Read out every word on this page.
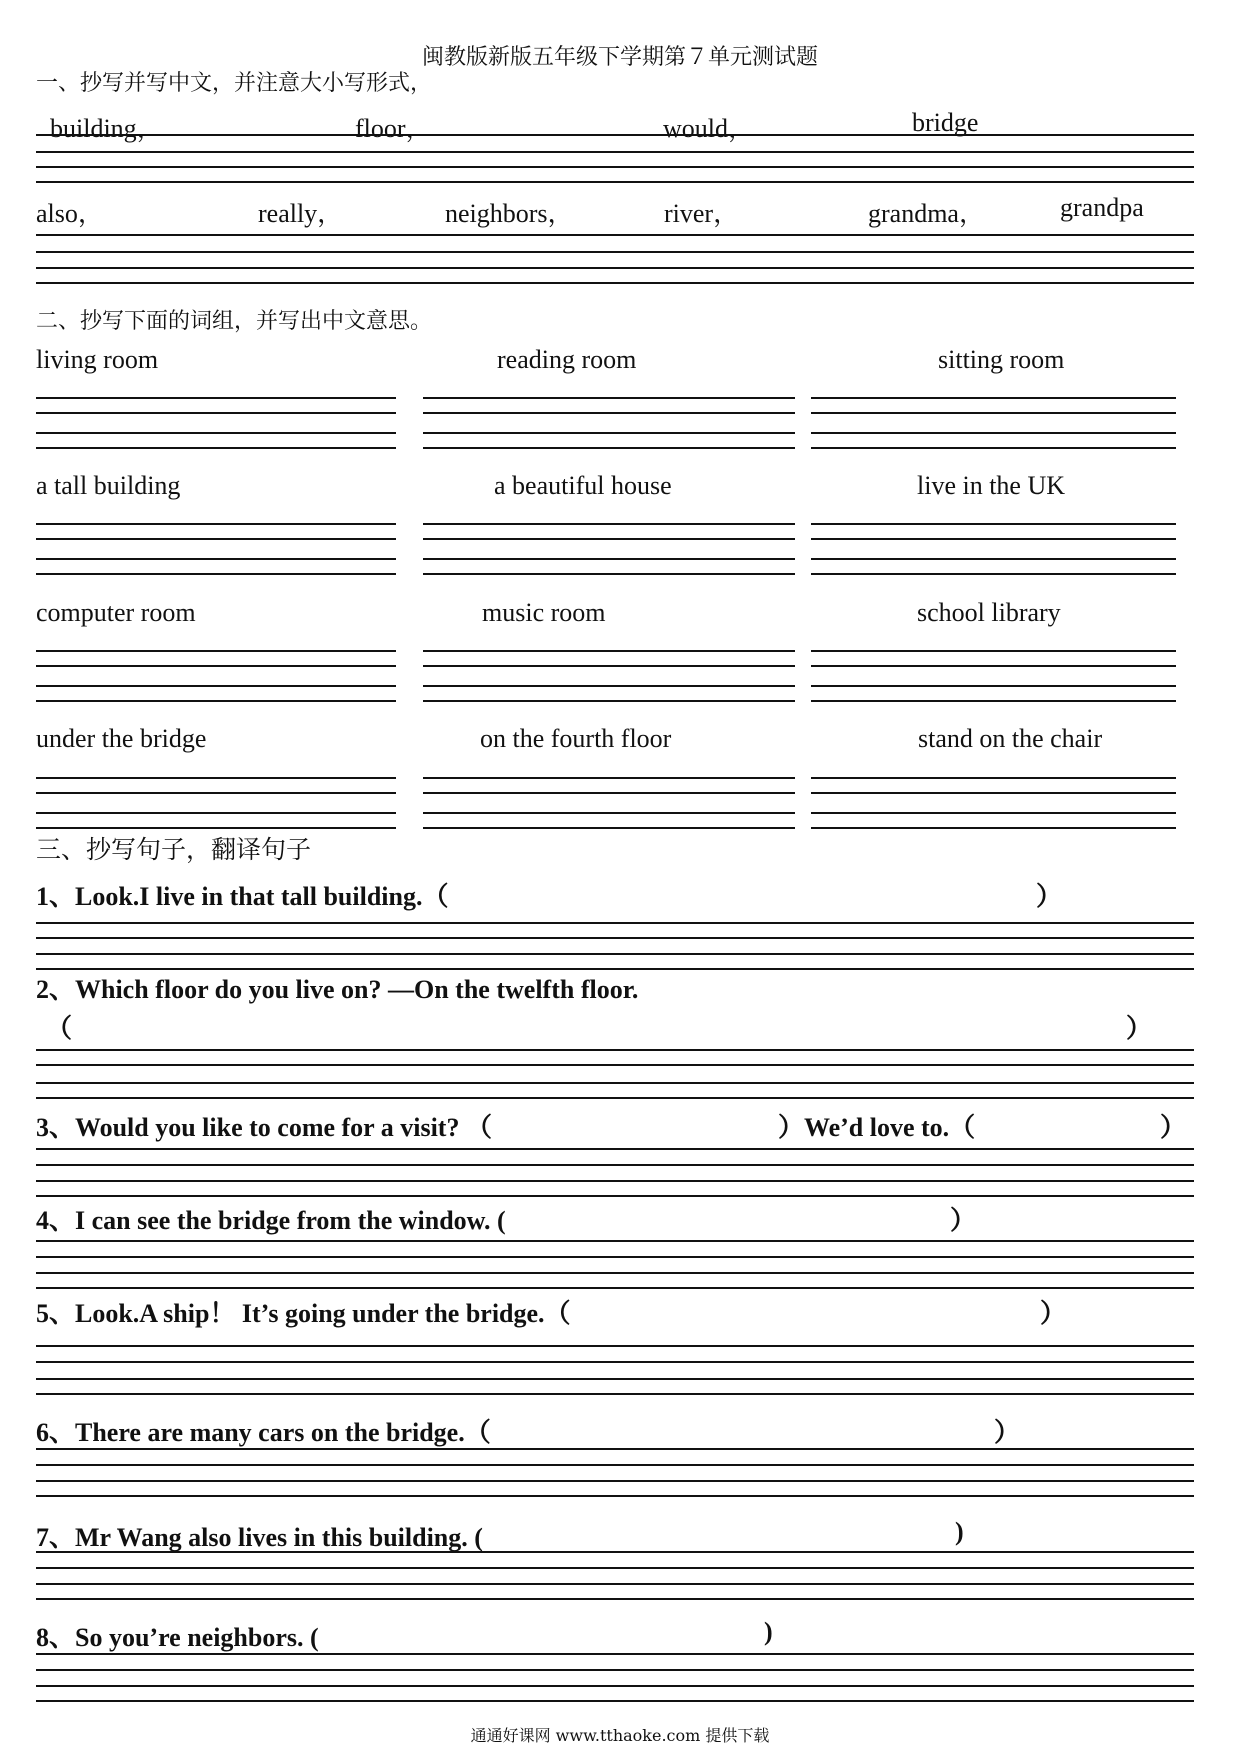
闽教版新版五年级下学期第７单元测试题
一、抄写并写中文，并注意大小写形式，
building，	floor，	would，	bridge
also，	really，	neighbors，	river，	grandma，	grandpa
二、抄写下面的词组，并写出中文意思。
living room	reading room	sitting room
a tall building	a beautiful house	live in the UK
computer room	music room	school library
under the bridge	on the fourth floor	stand on the chair
三、抄写句子，翻译句子
1、Look.I live in that tall building.（	）
2、Which floor do you live on? —On the twelfth floor.
（	）
3、Would you like to come for a visit? （	）We’d love to.（	）
4、I can see the bridge from the window. (	）
5、Look.A ship！ It’s going under the bridge.（	）
6、There are many cars on the bridge.（	）
7、Mr Wang also lives in this building. (	)
8、So you’re neighbors. (	)
通通好课网 www.tthaoke.com 提供下载
